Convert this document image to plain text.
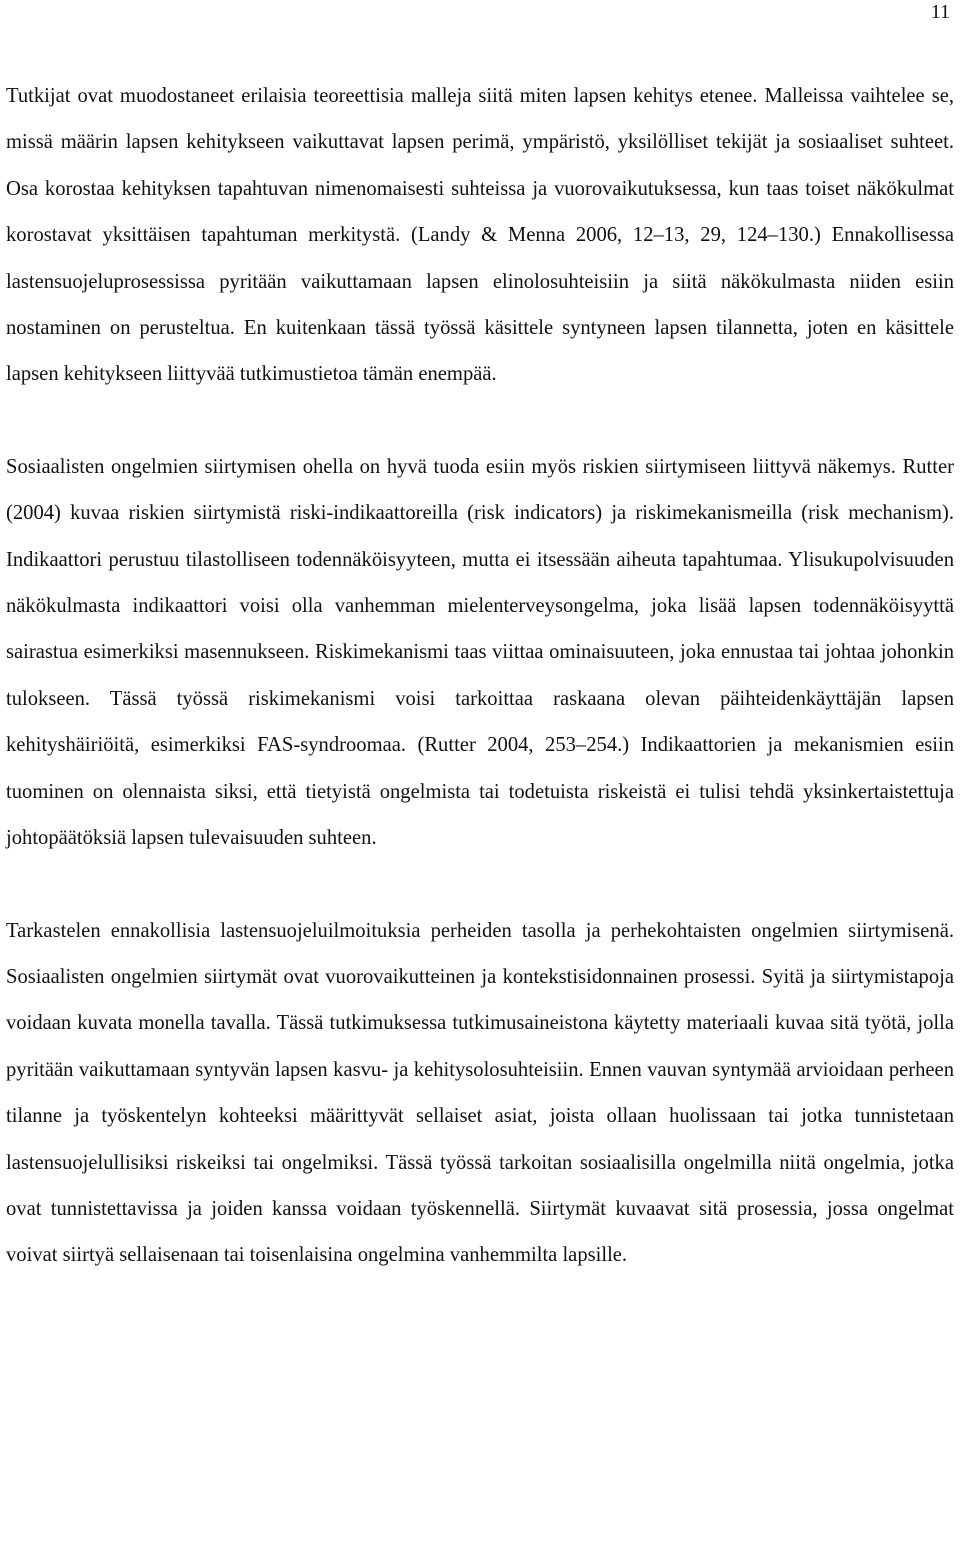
11

Tutkijat ovat muodostaneet erilaisia teoreettisia malleja siitä miten lapsen kehitys etenee. Malleissa vaihtelee se, missä määrin lapsen kehitykseen vaikuttavat lapsen perimä, ympäristö, yksilölliset tekijät ja sosiaaliset suhteet. Osa korostaa kehityksen tapahtuvan nimenomaisesti suhteissa ja vuorovaikutuksessa, kun taas toiset näkökulmat korostavat yksittäisen tapahtuman merkitystä. (Landy & Menna 2006, 12‒13, 29, 124‒130.) Ennakollisessa lastensuojeluprosessissa pyritään vaikuttamaan lapsen elinolosuhteisiin ja siitä näkökulmasta niiden esiin nostaminen on perusteltua. En kuitenkaan tässä työssä käsittele syntyneen lapsen tilannetta, joten en käsittele lapsen kehitykseen liittyvää tutkimustietoa tämän enempää.

Sosiaalisten ongelmien siirtymisen ohella on hyvä tuoda esiin myös riskien siirtymiseen liittyvä näkemys. Rutter (2004) kuvaa riskien siirtymistä riski-indikaattoreilla (risk indicators) ja riskimekanismeilla (risk mechanism). Indikaattori perustuu tilastolliseen todennäköisyyteen, mutta ei itsessään aiheuta tapahtumaa. Ylisukupolvisuuden näkökulmasta indikaattori voisi olla vanhemman mielenterveysongelma, joka lisää lapsen todennäköisyyttä sairastua esimerkiksi masennukseen. Riskimekanismi taas viittaa ominaisuuteen, joka ennustaa tai johtaa johonkin tulokseen. Tässä työssä riskimekanismi voisi tarkoittaa raskaana olevan päihteidenkäyttäjän lapsen kehityshäiriöitä, esimerkiksi FAS-syndroomaa. (Rutter 2004, 253‒254.) Indikaattorien ja mekanismien esiin tuominen on olennaista siksi, että tietyistä ongelmista tai todetuista riskeistä ei tulisi tehdä yksinkertaistettuja johtopäätöksiä lapsen tulevaisuuden suhteen.

Tarkastelen ennakollisia lastensuojeluilmoituksia perheiden tasolla ja perhekohtaisten ongelmien siirtymisenä. Sosiaalisten ongelmien siirtymät ovat vuorovaikutteinen ja kontekstisidonnainen prosessi. Syitä ja siirtymistapoja voidaan kuvata monella tavalla. Tässä tutkimuksessa tutkimusaineistona käytetty materiaali kuvaa sitä työtä, jolla pyritään vaikuttamaan syntyvän lapsen kasvu- ja kehitysolosuhteisiin. Ennen vauvan syntymää arvioidaan perheen tilanne ja työskentelyn kohteeksi määrittyvät sellaiset asiat, joista ollaan huolissaan tai jotka tunnistetaan lastensuojelullisiksi riskeiksi tai ongelmiksi. Tässä työssä tarkoitan sosiaalisilla ongelmilla niitä ongelmia, jotka ovat tunnistettavissa ja joiden kanssa voidaan työskennellä. Siirtymät kuvaavat sitä prosessia, jossa ongelmat voivat siirtyä sellaisenaan tai toisenlaisina ongelmina vanhemmilta lapsille.
